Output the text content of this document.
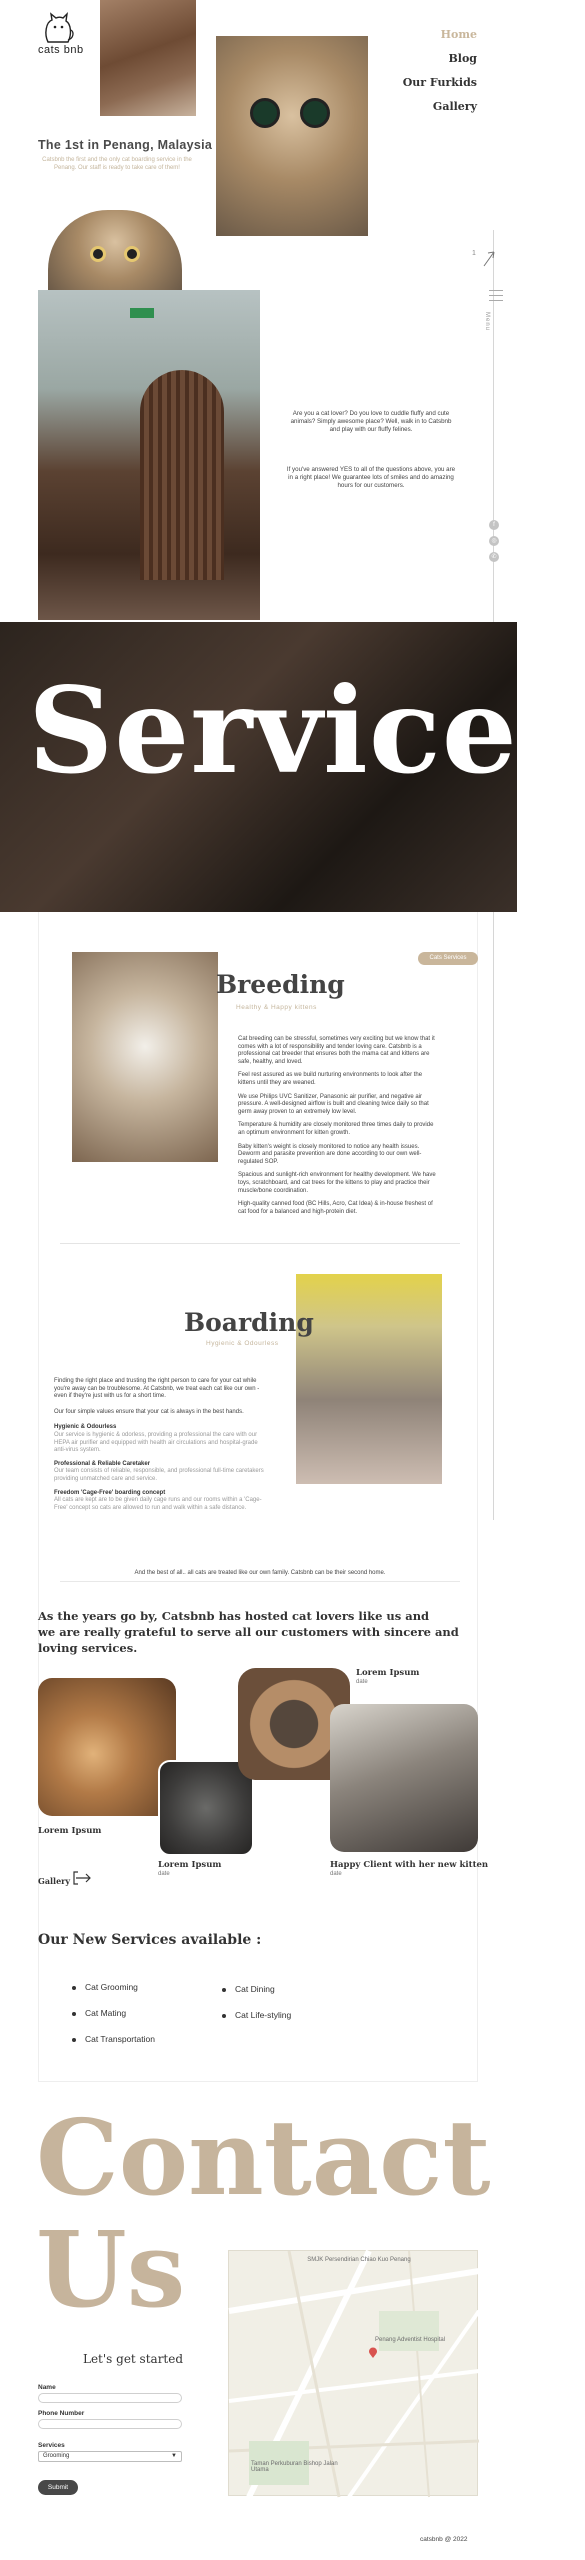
cats bnb
Home
Blog
Our Furkids
Gallery
The 1st in Penang, Malaysia
Catsbnb the first and the only cat boarding service in the Penang. Our staff is ready to take care of them!
Are you a cat lover? Do you love to cuddle fluffy and cute animals? Simply awesome place? Well, walk in to Catsbnb and play with our fluffy felines.
If you've answered YES to all of the questions above, you are in a right place! We guarantee lots of smiles and do amazing hours for our customers.
1
Menu
f
◎
✆
Services
Cats Services
Breeding
Healthy & Happy kittens

Cat breeding can be stressful, sometimes very exciting but we know that it comes with a lot of responsibility and tender loving care. Catsbnb is a professional cat breeder that ensures both the mama cat and kittens are safe, healthy, and loved.

Feel rest assured as we build nurturing environments to look after the kittens until they are weaned.

We use Philips UVC Sanitizer, Panasonic air purifier, and negative air pressure. A well-designed airflow is built and cleaning twice daily so that germ away proven to an extremely low level.

Temperature & humidity are closely monitored three times daily to provide an optimum environment for kitten growth.

Baby kitten's weight is closely monitored to notice any health issues. Deworm and parasite prevention are done according to our own well-regulated SOP.

Spacious and sunlight-rich environment for healthy development. We have toys, scratchboard, and cat trees for the kittens to play and practice their muscle/bone coordination.

High-quality canned food (BC Hills, Acro, Cat Idea) & in-house freshest of cat food for a balanced and high-protein diet.

Boarding
Hygienic & Odourless

Finding the right place and trusting the right person to care for your cat while you're away can be troublesome. At Catsbnb, we treat each cat like our own - even if they're just with us for a short time.

Our four simple values ensure that your cat is always in the best hands.

Hygienic & Odourless

Our service is hygienic & odorless, providing a professional the care with our HEPA air purifier and equipped with health air circulations and hospital-grade anti-virus system.

Professional & Reliable Caretaker

Our team consists of reliable, responsible, and professional full-time caretakers providing unmatched care and service.

Freedom 'Cage-Free' boarding concept

All cats are kept are to be given daily cage runs and our rooms within a 'Cage-Free' concept so cats are allowed to run and walk within a safe distance.

And the best of all.. all cats are treated like our own family. Catsbnb can be their second home.
As the years go by, Catsbnb has hosted cat lovers like us and
we are really grateful to serve all our customers with sincere and loving services.
Lorem Ipsum
Lorem Ipsum
date
Lorem Ipsum
date
Happy Client with her new kitten
date
Gallery
Our New Services available :
Cat Grooming
Cat Mating
Cat Transportation
Cat Dining
Cat Life-styling
Contact
Us	SMJK Persendirian Chiao Kuo Penang
Penang Adventist Hospital
Taman Perkuburan Bishop Jalan Utama
Let's get started
Name
Phone Number
Services
Grooming	▼
Submit
catsbnb @ 2022
